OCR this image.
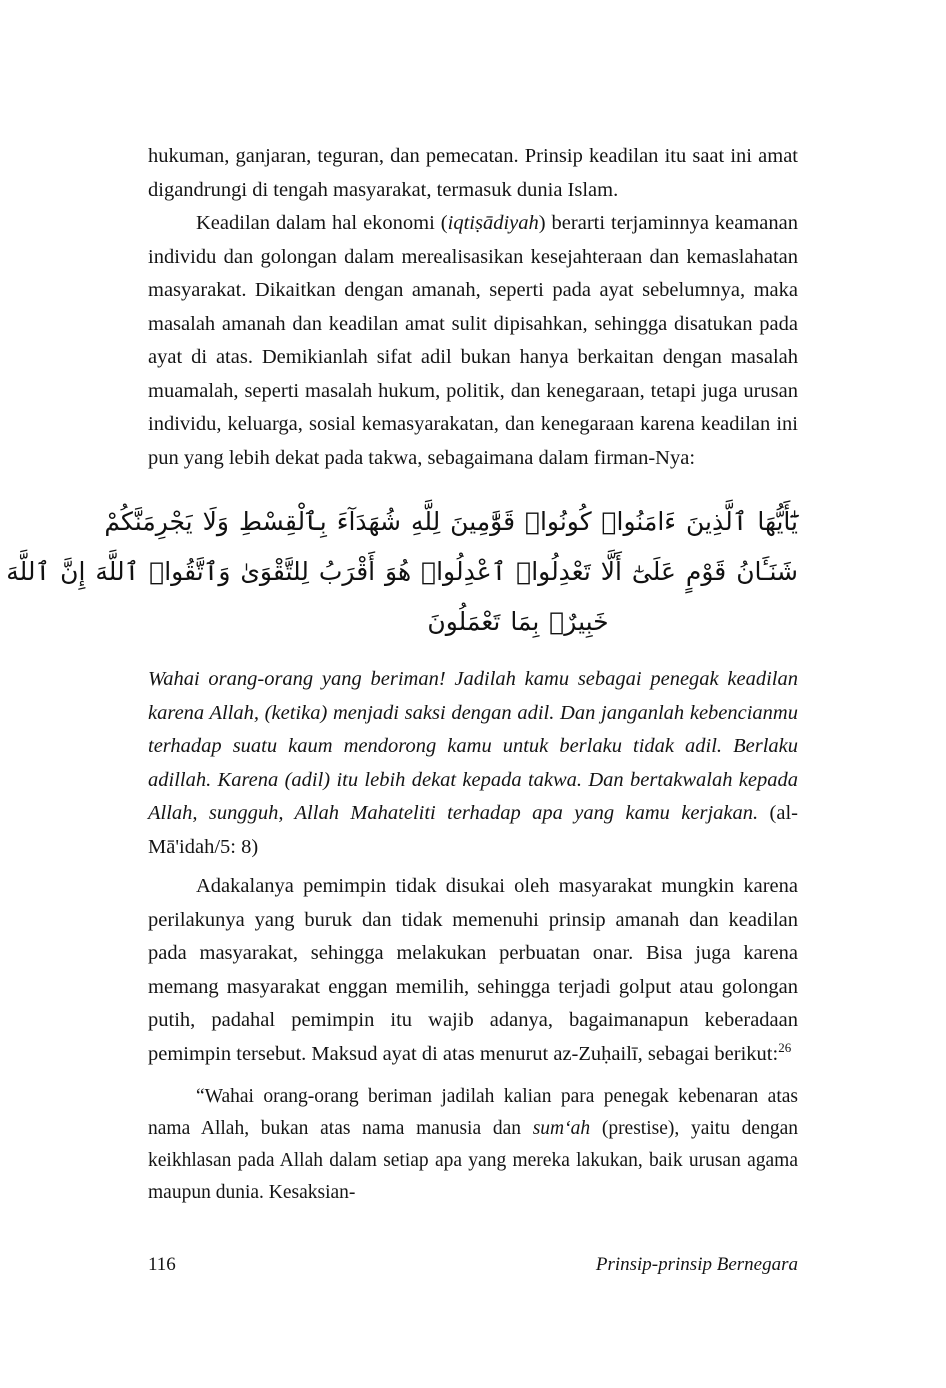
hukuman, ganjaran, teguran, dan pemecatan. Prinsip keadilan itu saat ini amat digandrungi di tengah masyarakat, termasuk dunia Islam.

Keadilan dalam hal ekonomi (iqtiṣādiyah) berarti terjaminnya keamanan individu dan golongan dalam merealisasikan kesejahteraan dan kemaslahatan masyarakat. Dikaitkan dengan amanah, seperti pada ayat sebelumnya, maka masalah amanah dan keadilan amat sulit dipisahkan, sehingga disatukan pada ayat di atas. Demikianlah sifat adil bukan hanya berkaitan dengan masalah muamalah, seperti masalah hukum, politik, dan kenegaraan, tetapi juga urusan individu, keluarga, sosial kemasyarakatan, dan kenegaraan karena keadilan ini pun yang lebih dekat pada takwa, sebagaimana dalam firman-Nya:

يَٰٓأَيُّهَا ٱلَّذِينَ ءَامَنُوا۟ كُونُوا۟ قَوَّٰمِينَ لِلَّهِ شُهَدَآءَ بِٱلْقِسْطِ وَلَا يَجْرِمَنَّكُمْ
شَنَـَٔانُ قَوْمٍ عَلَىٰٓ أَلَّا تَعْدِلُوا۟ ٱعْدِلُوا۟ هُوَ أَقْرَبُ لِلتَّقْوَىٰ وَٱتَّقُوا۟ ٱللَّهَ إِنَّ ٱللَّهَ
خَبِيرٌۢ بِمَا تَعْمَلُونَ

Wahai orang-orang yang beriman! Jadilah kamu sebagai penegak keadilan karena Allah, (ketika) menjadi saksi dengan adil. Dan janganlah kebencianmu terhadap suatu kaum mendorong kamu untuk berlaku tidak adil. Berlaku adillah. Karena (adil) itu lebih dekat kepada takwa. Dan bertakwalah kepada Allah, sungguh, Allah Mahateliti terhadap apa yang kamu kerjakan. (al-Mā'idah/5: 8)

Adakalanya pemimpin tidak disukai oleh masyarakat mungkin karena perilakunya yang buruk dan tidak memenuhi prinsip amanah dan keadilan pada masyarakat, sehingga melakukan perbuatan onar. Bisa juga karena memang masyarakat enggan memilih, sehingga terjadi golput atau golongan putih, padahal pemimpin itu wajib adanya, bagaimanapun keberadaan pemimpin tersebut. Maksud ayat di atas menurut az-Zuḥailī, sebagai berikut:$^{26}$

“Wahai orang-orang beriman jadilah kalian para penegak kebenaran atas nama Allah, bukan atas nama manusia dan sum‘ah (prestise), yaitu dengan keikhlasan pada Allah dalam setiap apa yang mereka lakukan, baik urusan agama maupun dunia. Kesaksian-

116	Prinsip-prinsip Bernegara
